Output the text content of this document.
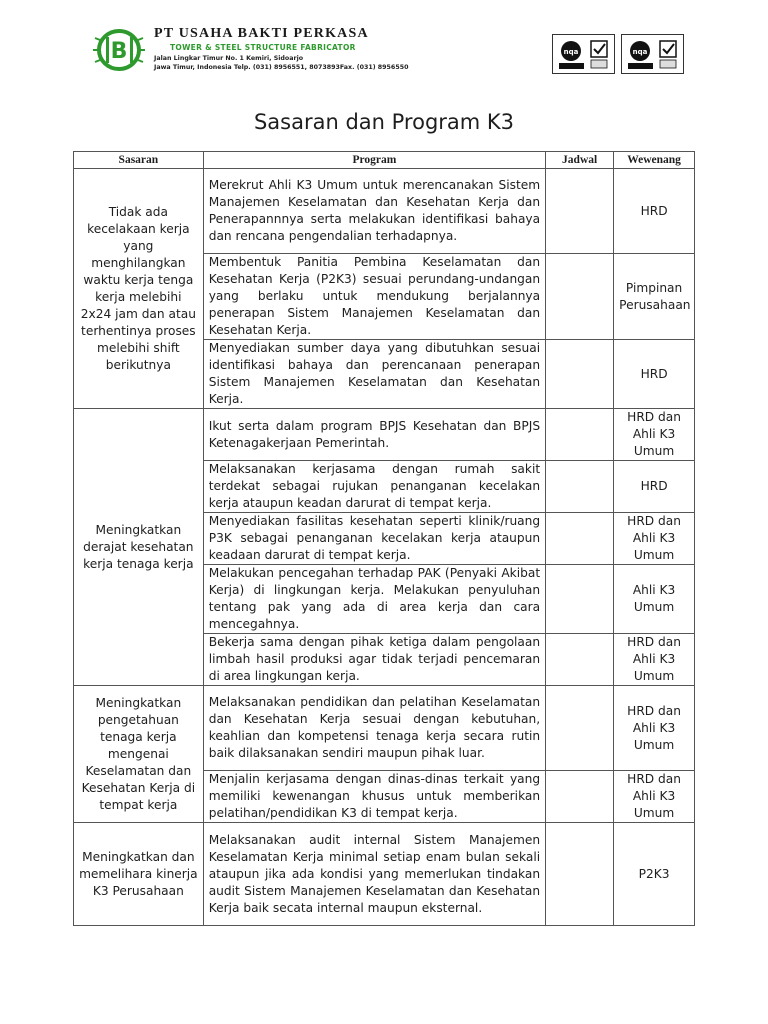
B
PT USAHA BAKTI PERKASA
TOWER & STEEL STRUCTURE FABRICATOR
Jalan Lingkar Timur No. 1 Kemiri, Sidoarjo
Jawa Timur, Indonesia Telp. (031) 8956551, 8073893Fax. (031) 8956550
nqa	nqa
Sasaran dan Program K3
Sasaran	Program	Jadwal	Wewenang
Tidak ada kecelakaan kerja yang menghilangkan waktu kerja tenga kerja melebihi 2x24 jam dan atau terhentinya proses melebihi shift berikutnya	Merekrut Ahli K3 Umum untuk merencanakan Sistem Manajemen Keselamatan dan Kesehatan Kerja dan Penerapannnya serta melakukan identifikasi bahaya dan rencana pengendalian terhadapnya.		HRD
	Membentuk Panitia Pembina Keselamatan dan Kesehatan Kerja (P2K3) sesuai perundang-undangan yang berlaku untuk mendukung berjalannya penerapan Sistem Manajemen Keselamatan dan Kesehatan Kerja.		Pimpinan Perusahaan
	Menyediakan sumber daya yang dibutuhkan sesuai identifikasi bahaya dan perencanaan penerapan Sistem Manajemen Keselamatan dan Kesehatan Kerja.		HRD
Meningkatkan derajat kesehatan kerja tenaga kerja	Ikut serta dalam program BPJS Kesehatan dan BPJS Ketenagakerjaan Pemerintah.		HRD dan Ahli K3 Umum
	Melaksanakan kerjasama dengan rumah sakit terdekat sebagai rujukan penanganan kecelakan kerja ataupun keadan darurat di tempat kerja.		HRD
	Menyediakan fasilitas kesehatan seperti klinik/ruang P3K sebagai penanganan kecelakan kerja ataupun keadaan darurat di tempat kerja.		HRD dan Ahli K3 Umum
	Melakukan pencegahan terhadap PAK (Penyaki Akibat Kerja) di lingkungan kerja. Melakukan penyuluhan tentang pak yang ada di area kerja dan cara mencegahnya.		Ahli K3 Umum
	Bekerja sama dengan pihak ketiga dalam pengolaan limbah hasil produksi agar tidak terjadi pencemaran di area lingkungan kerja.		HRD dan Ahli K3 Umum
Meningkatkan pengetahuan tenaga kerja mengenai Keselamatan dan Kesehatan Kerja di tempat kerja	Melaksanakan pendidikan dan pelatihan Keselamatan dan Kesehatan Kerja sesuai dengan kebutuhan, keahlian dan kompetensi tenaga kerja secara rutin baik dilaksanakan sendiri maupun pihak luar.		HRD dan Ahli K3 Umum
	Menjalin kerjasama dengan dinas-dinas terkait yang memiliki kewenangan khusus untuk memberikan pelatihan/pendidikan K3 di tempat kerja.		HRD dan Ahli K3 Umum
Meningkatkan dan memelihara kinerja K3 Perusahaan	Melaksanakan audit internal Sistem Manajemen Keselamatan Kerja minimal setiap enam bulan sekali ataupun jika ada kondisi yang memerlukan tindakan audit Sistem Manajemen Keselamatan dan Kesehatan Kerja baik secata internal maupun eksternal.		P2K3
